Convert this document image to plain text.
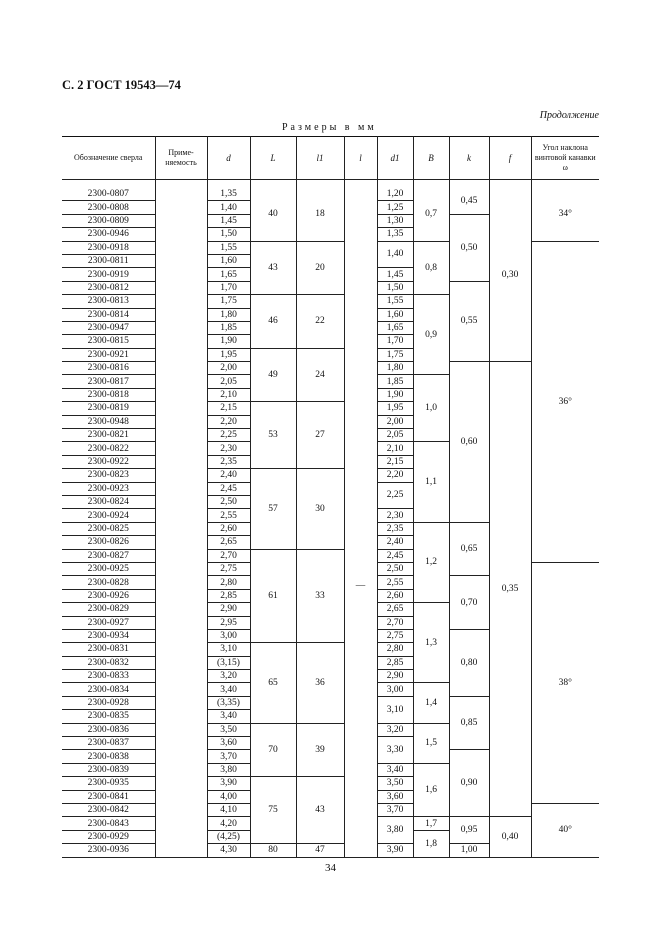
С. 2 ГОСТ 19543—74
Продолжение
Размеры в мм
Обозначение сверла	Приме-няемость	d	L	l1	l	d1	B	k	f	Угол наклона винтовой канавки ω

2300-0807		1,35	40	18	—	1,20	0,7	0,45	0,30	34°
2300-0808		1,40				1,25				
2300-0809		1,45				1,30		0,50		
2300-0946		1,50				1,35				
2300-0918		1,55	43	20		1,40	0,8			36°
2300-0811		1,60								
2300-0919		1,65				1,45				
2300-0812		1,70				1,50		0,55		
2300-0813		1,75	46	22		1,55	0,9			
2300-0814		1,80				1,60				
2300-0947		1,85				1,65				
2300-0815		1,90				1,70				
2300-0921		1,95	49	24		1,75				
2300-0816		2,00				1,80		0,60	0,35	
2300-0817		2,05				1,85	1,0			
2300-0818		2,10				1,90				
2300-0819		2,15	53	27		1,95				
2300-0948		2,20				2,00				
2300-0821		2,25				2,05				
2300-0822		2,30				2,10	1,1			
2300-0922		2,35				2,15				
2300-0823		2,40	57	30		2,20				
2300-0923		2,45				2,25				
2300-0824		2,50								
2300-0924		2,55				2,30				
2300-0825		2,60				2,35	1,2	0,65		
2300-0826		2,65				2,40				
2300-0827		2,70	61	33		2,45				
2300-0925		2,75				2,50				38°
2300-0828		2,80				2,55		0,70		
2300-0926		2,85				2,60				
2300-0829		2,90				2,65	1,3			
2300-0927		2,95				2,70				
2300-0934		3,00				2,75		0,80		
2300-0831		3,10	65	36		2,80				
2300-0832		(3,15)				2,85				
2300-0833		3,20				2,90				
2300-0834		3,40				3,00	1,4			
2300-0928		(3,35)				3,10		0,85		
2300-0835		3,40								
2300-0836		3,50	70	39		3,20	1,5			
2300-0837		3,60				3,30				
2300-0838		3,70						0,90		
2300-0839		3,80				3,40	1,6			
2300-0935		3,90	75	43		3,50				
2300-0841		4,00				3,60				
2300-0842		4,10				3,70				40°
2300-0843		4,20				3,80	1,7	0,95	0,40	
2300-0929		(4,25)					1,8			
2300-0936		4,30	80	47		3,90		1,00		
34
